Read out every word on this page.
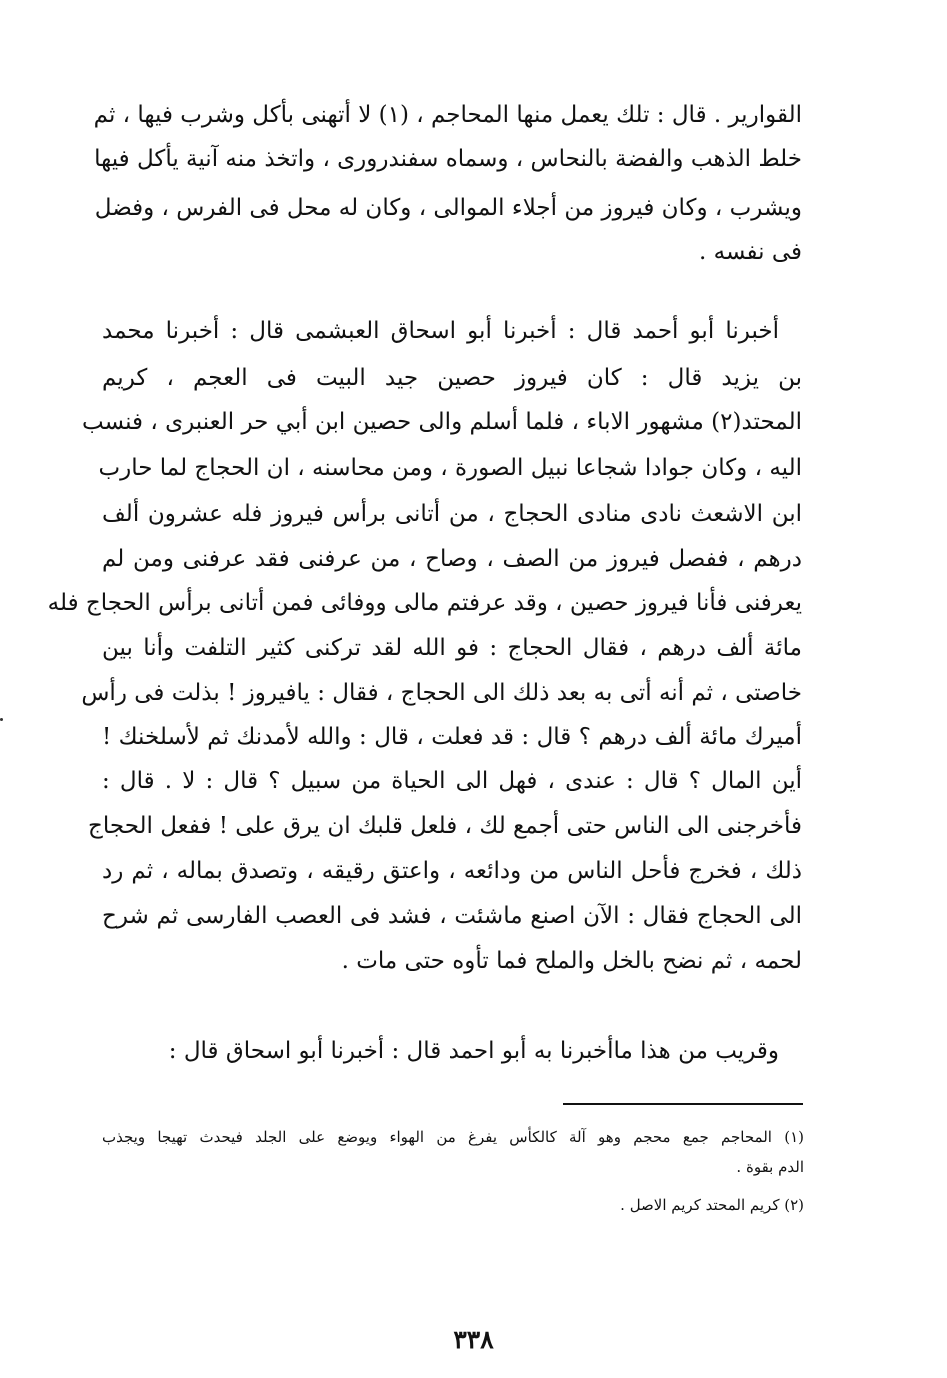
القوارير . قال : تلك يعمل منها المحاجم ، (١) لا أتهنى بأكل وشرب فيها ، ثم
خلط الذهب والفضة بالنحاس ، وسماه سفندروری ، واتخذ منه آنية يأكل فيها
ويشرب ، وكان فيروز من أجلاء الموالى ، وكان له محل فى الفرس ، وفضل
فى نفسه .
أخبرنا أبو أحمد قال : أخبرنا أبو اسحاق العبشمى قال : أخبرنا محمد
بن يزيد قال : كان فيروز حصين جيد البيت فى العجم ، كريم
المحتد(٢) مشهور الاباء ، فلما أسلم والى حصين ابن أبي حر العنبرى ، فنسب
اليه ، وكان جوادا شجاعا نبيل الصورة ، ومن محاسنه ، ان الحجاج لما حارب
ابن الاشعث نادى منادى الحجاج ، من أتانى برأس فيروز فله عشرون ألف
درهم ، ففصل فيروز من الصف ، وصاح ، من عرفنى فقد عرفنى ومن لم
يعرفنى فأنا فيروز حصين ، وقد عرفتم مالى ووفائى فمن أتانى برأس الحجاج فله
مائة ألف درهم ، فقال الحجاج : فو الله لقد تركنى كثير التلفت وأنا بين
خاصتى ، ثم أنه أتى به بعد ذلك الى الحجاج ، فقال : يافيروز ! بذلت فى رأس
أميرك مائة ألف درهم ؟ قال : قد فعلت ، قال : والله لأمدنك ثم لأسلخنك !
أين المال ؟ قال : عندى ، فهل الى الحياة من سبيل ؟ قال : لا . قال :
فأخرجنى الى الناس حتى أجمع لك ، فلعل قلبك ان يرق على ! ففعل الحجاج
ذلك ، فخرج فأحل الناس من ودائعه ، واعتق رقيقه ، وتصدق بماله ، ثم رد
الى الحجاج فقال : الآن اصنع ماشئت ، فشد فى العصب الفارسى ثم شرح
لحمه ، ثم نضح بالخل والملح فما تأوه حتى مات .
وقريب من هذا ماأخبرنا به أبو احمد قال : أخبرنا أبو اسحاق قال :
(١) المحاجم جمع محجم وهو آلة كالكأس يفرغ من الهواء ويوضع على الجلد فيحدث تهيجا ويجذب
الدم بقوة .
(٢) كريم المحتد كريم الاصل .
٣٣٨
